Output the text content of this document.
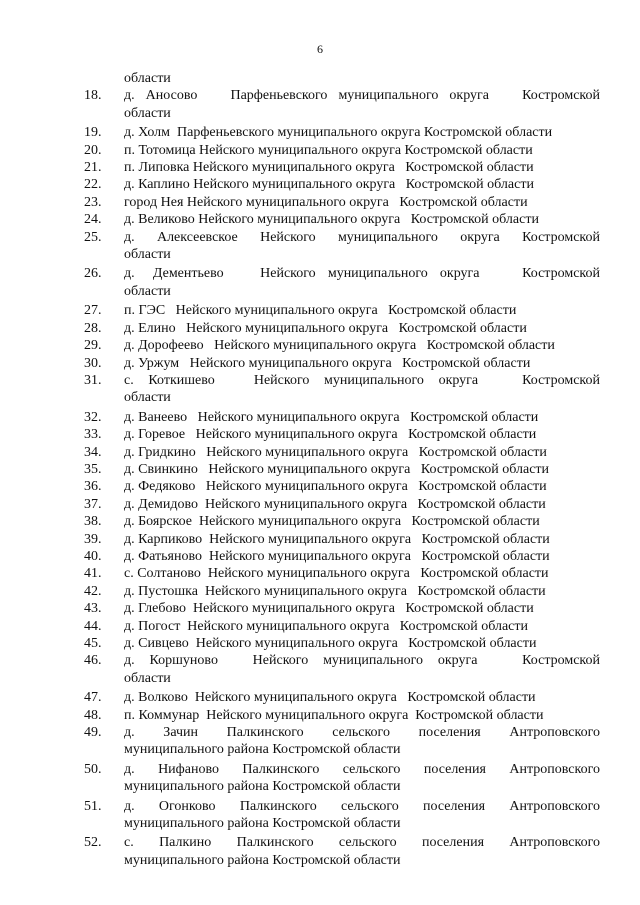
6
области
18.	д. Аносово   Парфеньевского муниципального округа   Костромской
области
19.	д. Холм  Парфеньевского муниципального округа Костромской области
20.	п. Тотомица Нейского муниципального округа Костромской области
21.	п. Липовка Нейского муниципального округа   Костромской области
22.	д. Каплино Нейского муниципального округа   Костромской области
23.	город Нея Нейского муниципального округа   Костромской области
24.	д. Великово Нейского муниципального округа   Костромской области
25.	д.   Алексеевское   Нейского   муниципального   округа   Костромской
области
26.	д.   Дементьево      Нейского  муниципального  округа       Костромской
области
27.	п. ГЭС   Нейского муниципального округа   Костромской области
28.	д. Елино   Нейского муниципального округа   Костромской области
29.	д. Дорофеево   Нейского муниципального округа   Костромской области
30.	д. Уржум   Нейского муниципального округа   Костромской области
31.	с.   Коткишево        Нейского   муниципального   округа         Костромской
области
32.	д. Ванеево   Нейского муниципального округа   Костромской области
33.	д. Горевое   Нейского муниципального округа   Костромской области
34.	д. Гридкино   Нейского муниципального округа   Костромской области
35.	д. Свинкино   Нейского муниципального округа   Костромской области
36.	д. Федяково   Нейского муниципального округа   Костромской области
37.	д. Демидово  Нейского муниципального округа   Костромской области
38.	д. Боярское  Нейского муниципального округа   Костромской области
39.	д. Карпиково  Нейского муниципального округа   Костромской области
40.	д. Фатьяново  Нейского муниципального округа   Костромской области
41.	с. Солтаново  Нейского муниципального округа   Костромской области
42.	д. Пустошка  Нейского муниципального округа   Костромской области
43.	д. Глебово  Нейского муниципального округа   Костромской области
44.	д. Погост  Нейского муниципального округа   Костромской области
45.	д. Сивцево  Нейского муниципального округа   Костромской области
46.	д.   Коршуново       Нейского   муниципального   округа         Костромской
области
47.	д. Волково  Нейского муниципального округа   Костромской области
48.	п. Коммунар  Нейского муниципального округа  Костромской области
49.	д.     Зачин     Палкинского     сельского     поселения     Антроповского
муниципального района Костромской области
50.	д.   Нифаново   Палкинского   сельского   поселения   Антроповского
муниципального района Костромской области
51.	д.   Огонково   Палкинского   сельского   поселения   Антроповского
муниципального района Костромской области
52.	с.   Палкино   Палкинского   сельского   поселения   Антроповского
муниципального района Костромской области
